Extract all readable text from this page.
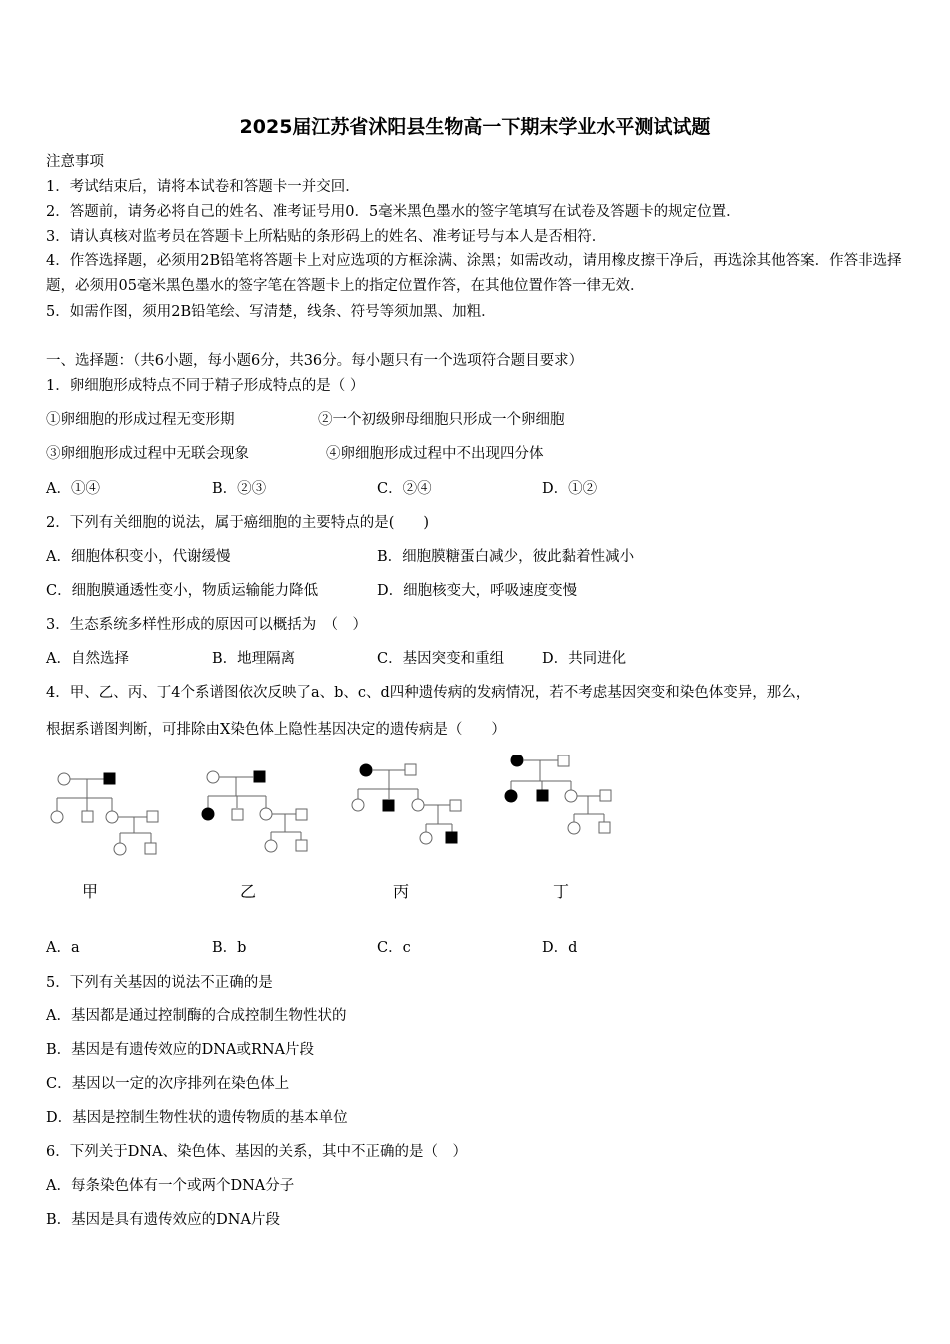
2025届江苏省沭阳县生物高一下期末学业水平测试试题
注意事项
1．考试结束后，请将本试卷和答题卡一并交回．
2．答题前，请务必将自己的姓名、准考证号用0．5毫米黑色墨水的签字笔填写在试卷及答题卡的规定位置．
3．请认真核对监考员在答题卡上所粘贴的条形码上的姓名、准考证号与本人是否相符．
4．作答选择题，必须用2B铅笔将答题卡上对应选项的方框涂满、涂黑；如需改动，请用橡皮擦干净后，再选涂其他答案．作答非选择题，必须用05毫米黑色墨水的签字笔在答题卡上的指定位置作答，在其他位置作答一律无效．
5．如需作图，须用2B铅笔绘、写清楚，线条、符号等须加黑、加粗．
一、选择题：（共6小题，每小题6分，共36分。每小题只有一个选项符合题目要求）
1．卵细胞形成特点不同于精子形成特点的是（ ）
①卵细胞的形成过程无变形期	②一个初级卵母细胞只形成一个卵细胞
③卵细胞形成过程中无联会现象	④卵细胞形成过程中不出现四分体
A．①④	B．②③	C．②④	D．①②
2．下列有关细胞的说法，属于癌细胞的主要特点的是(　　)
A．细胞体积变小，代谢缓慢	B．细胞膜糖蛋白减少，彼此黏着性减小
C．细胞膜通透性变小，物质运输能力降低	D．细胞核变大，呼吸速度变慢
3．生态系统多样性形成的原因可以概括为　（　）
A．自然选择	B．地理隔离	C．基因突变和重组	D．共同进化
4．甲、乙、丙、丁4个系谱图依次反映了a、b、c、d四种遗传病的发病情况，若不考虑基因突变和染色体变异，那么，
根据系谱图判断，可排除由X染色体上隐性基因决定的遗传病是（　　）
甲	乙	丙	丁
A．a	B．b	C．c	D．d
5．下列有关基因的说法不正确的是
A．基因都是通过控制酶的合成控制生物性状的
B．基因是有遗传效应的DNA或RNA片段
C．基因以一定的次序排列在染色体上
D．基因是控制生物性状的遗传物质的基本单位
6．下列关于DNA、染色体、基因的关系，其中不正确的是（　）
A．每条染色体有一个或两个DNA分子
B．基因是具有遗传效应的DNA片段
